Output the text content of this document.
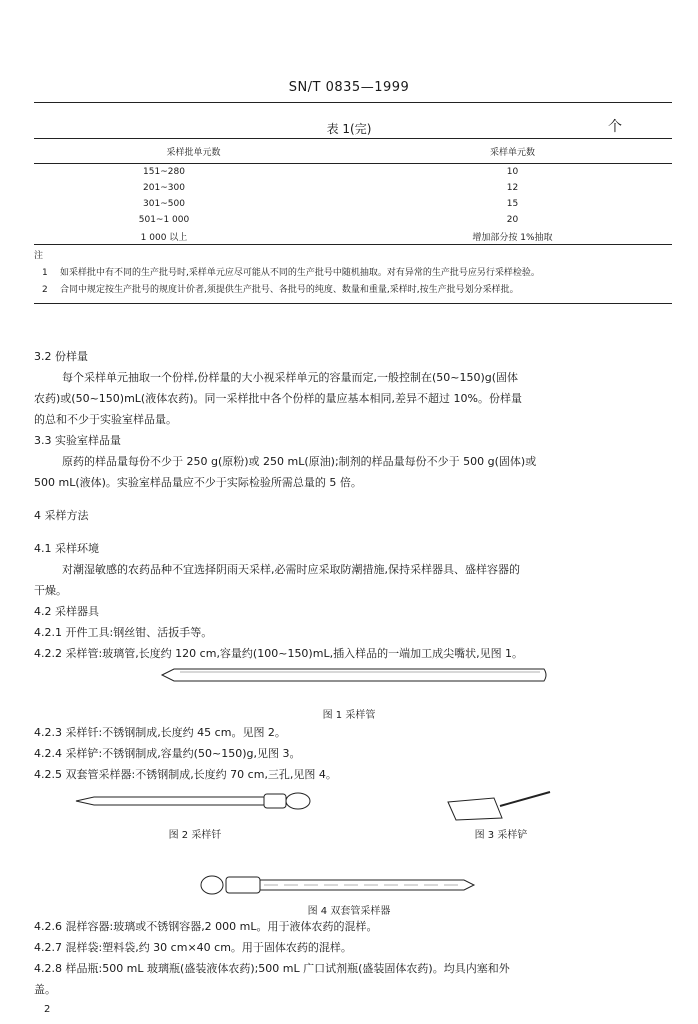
SN/T 0835—1999
表 1(完)	个
采样批单元数	采样单元数
151~280	10
201~300	12
301~500	15
501~1 000	20
1 000 以上	增加部分按 1%抽取
注
1	如采样批中有不同的生产批号时,采样单元应尽可能从不同的生产批号中随机抽取。对有异常的生产批号应另行采样检验。
2	合同中规定按生产批号的规度计价者,须提供生产批号、各批号的纯度、数量和重量,采样时,按生产批号划分采样批。
3.2 份样量
每个采样单元抽取一个份样,份样量的大小视采样单元的容量而定,一般控制在(50~150)g(固体
农药)或(50~150)mL(液体农药)。同一采样批中各个份样的量应基本相同,差异不超过 10%。份样量
的总和不少于实验室样品量。
3.3 实验室样品量
原药的样品量每份不少于 250 g(原粉)或 250 mL(原油);制剂的样品量每份不少于 500 g(固体)或
500 mL(液体)。实验室样品量应不少于实际检验所需总量的 5 倍。
4 采样方法
4.1 采样环境
对潮湿敏感的农药品种不宜选择阴雨天采样,必需时应采取防潮措施,保持采样器具、盛样容器的
干燥。
4.2 采样器具
4.2.1 开件工具:钢丝钳、活扳手等。
4.2.2 采样管:玻璃管,长度约 120 cm,容量约(100~150)mL,插入样品的一端加工成尖嘴状,见图 1。
图 1 采样管
4.2.3 采样钎:不锈钢制成,长度约 45 cm。见图 2。
4.2.4 采样铲:不锈钢制成,容量约(50~150)g,见图 3。
4.2.5 双套管采样器:不锈钢制成,长度约 70 cm,三孔,见图 4。
图 2 采样钎	图 3 采样铲
图 4 双套管采样器
4.2.6 混样容器:玻璃或不锈钢容器,2 000 mL。用于液体农药的混样。
4.2.7 混样袋:塑料袋,约 30 cm×40 cm。用于固体农药的混样。
4.2.8 样品瓶:500 mL 玻璃瓶(盛装液体农药);500 mL 广口试剂瓶(盛装固体农药)。均具内塞和外
盖。
2
